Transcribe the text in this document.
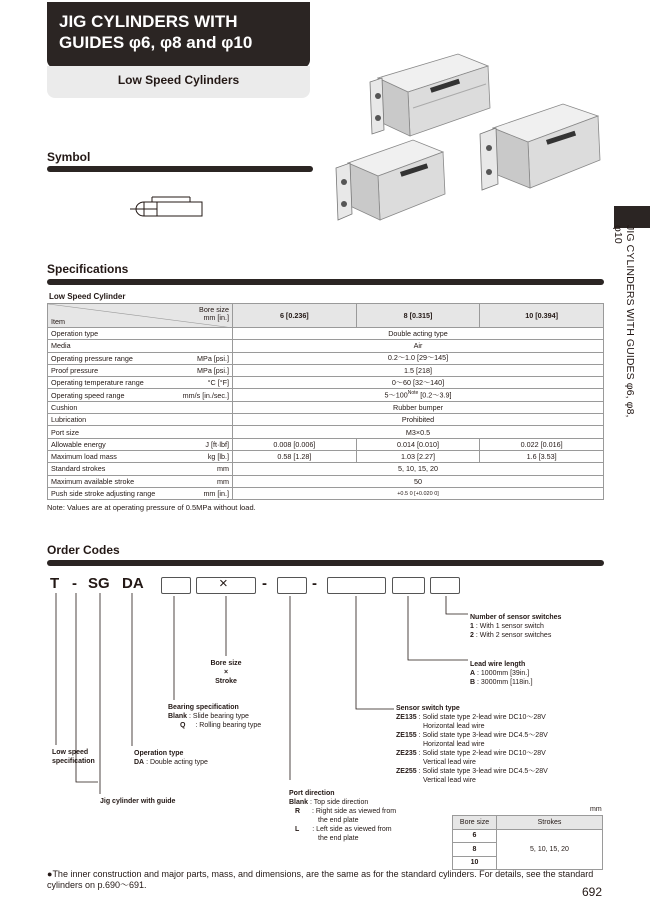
JIG CYLINDERS WITH
GUIDES φ6, φ8 and φ10
Low Speed Cylinders
JIG CYLINDERS WITH GUIDES φ6, φ8, φ10
Symbol
Specifications
Low Speed Cylinder
Bore size
mm [in.]
Item		6 [0.236]	8 [0.315]	10 [0.394]
Operation type		Double acting type		
Media		Air		
Operating pressure range	MPa [psi.]	0.2～1.0 [29～145]		
Proof pressure	MPa [psi.]	1.5 [218]		
Operating temperature range	°C [°F]	0～60 [32～140]		
Operating speed range	mm/s [in./sec.]	$5\sim 100^{Note}$ [0.2～3.9]		
Cushion		Rubber bumper		
Lubrication		Prohibited		
Port size		M3×0.5		
Allowable energy	J [ft·lbf]	0.008 [0.006]	0.014 [0.010]	0.022 [0.016]
Maximum load mass	kg [lb.]	0.58 [1.28]	1.03 [2.27]	1.6 [3.53]
Standard strokes	mm	5, 10, 15, 20		
Maximum available stroke	mm	50		
Push side stroke adjusting range	mm [in.]	+0.5 0 [+0.020 0]		
Note: Values are at operating pressure of 0.5MPa without load.
Order Codes
T - SG DA	× -	-
Number of sensor switches
1 : With 1 sensor switch
2 : With 2 sensor switches
Bore size
×
Stroke
Lead wire length
A : 1000mm [39in.]
B : 3000mm [118in.]
Bearing specification
Blank : Slide bearing type
Q : Rolling bearing type
Sensor switch type
ZE135 : Solid state type 2-lead wire DC10～28V
Horizontal lead wire
ZE155 : Solid state type 3-lead wire DC4.5～28V
Horizontal lead wire
ZE235 : Solid state type 2-lead wire DC10～28V
Vertical lead wire
ZE255 : Solid state type 3-lead wire DC4.5～28V
Vertical lead wire
Low speed
specification
Operation type
DA : Double acting type
Port direction
Blank : Top side direction
R : Right side as viewed from
the end plate
L : Left side as viewed from
the end plate
Jig cylinder with guide
mm
Bore size	Strokes
6	5, 10, 15, 20
8	
10	
●The inner construction and major parts, mass, and dimensions, are the same as for the standard cylinders. For details, see the standard cylinders on p.690～691.	692
